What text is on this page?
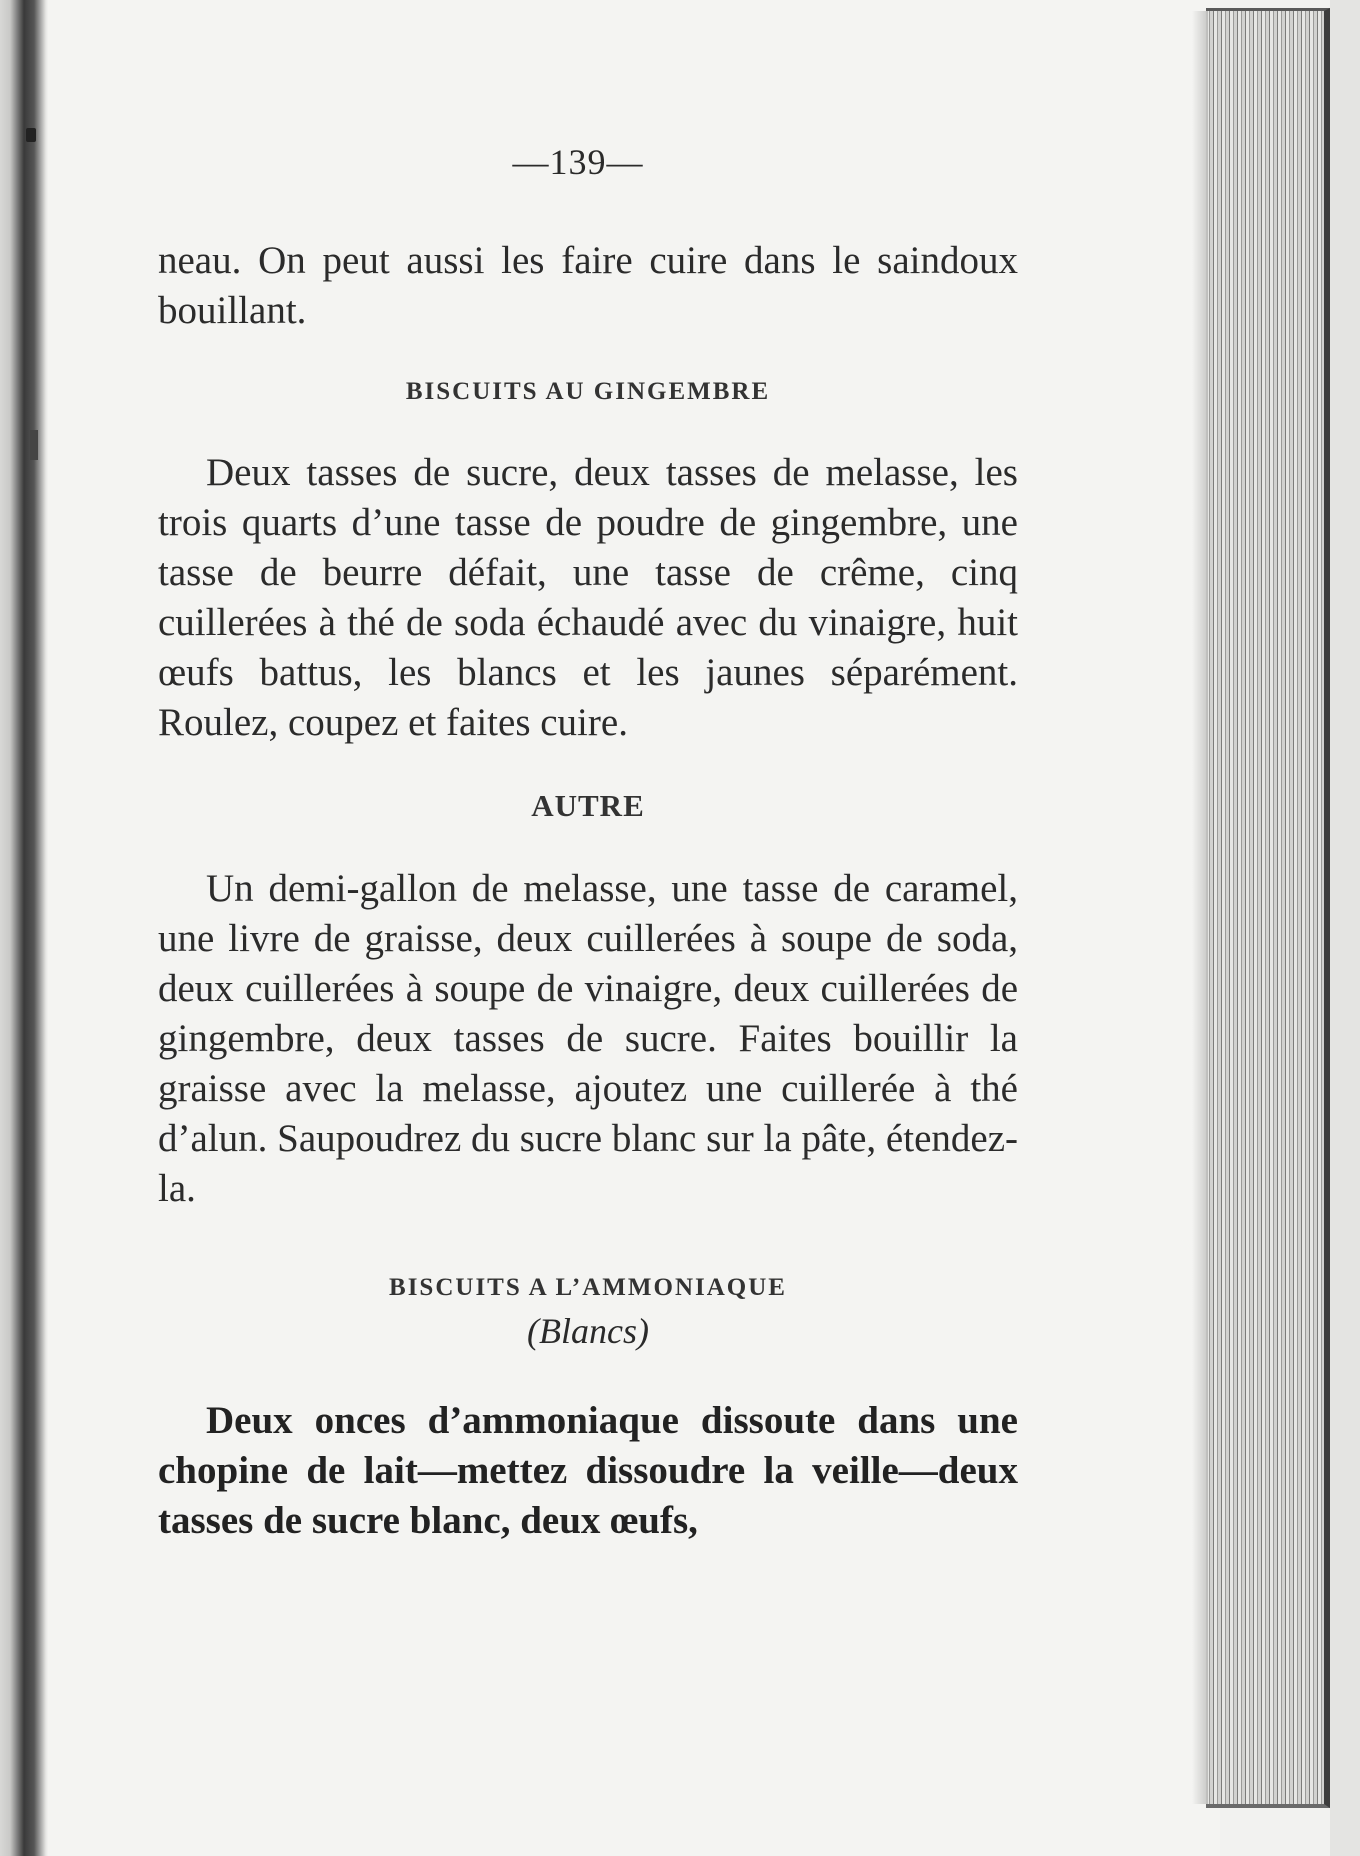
—139—

neau. On peut aussi les faire cuire dans le saindoux bouillant.

BISCUITS AU GINGEMBRE

Deux tasses de sucre, deux tasses de melasse, les trois quarts d’une tasse de poudre de gingembre, une tasse de beurre défait, une tasse de crême, cinq cuillerées à thé de soda échaudé avec du vinaigre, huit œufs battus, les blancs et les jaunes séparément. Roulez, coupez et faites cuire.

AUTRE

Un demi-gallon de melasse, une tasse de caramel, une livre de graisse, deux cuillerées à soupe de soda, deux cuillerées à soupe de vinaigre, deux cuillerées de gingembre, deux tasses de sucre. Faites bouillir la graisse avec la melasse, ajoutez une cuillerée à thé d’alun. Saupoudrez du sucre blanc sur la pâte, étendez-la.

BISCUITS A L’AMMONIAQUE
(Blancs)

Deux onces d’ammoniaque dissoute dans une chopine de lait—mettez dissoudre la veille—deux tasses de sucre blanc, deux œufs,
